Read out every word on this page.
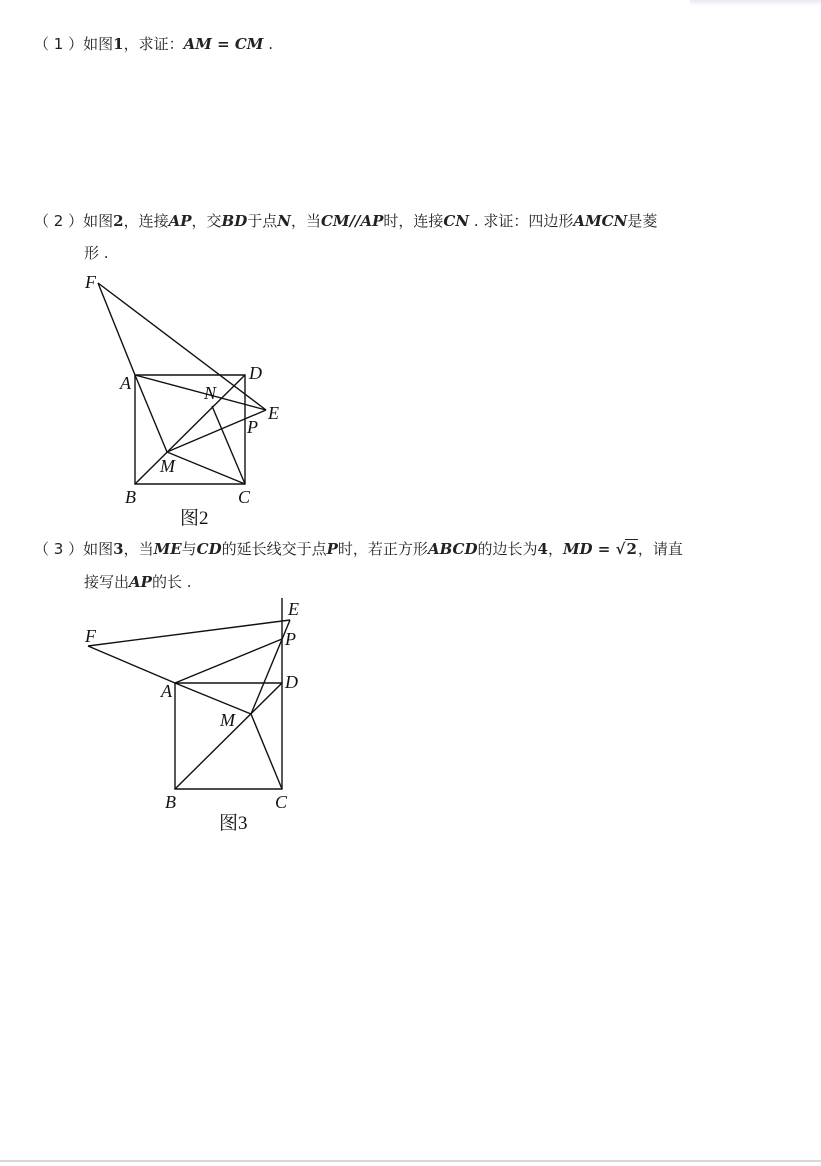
（ 1 ）如图1，求证：AM = CM .
（ 2 ）如图2，连接AP，交BD于点N，当CM//AP时，连接CN . 求证：四边形AMCN是菱
形 .
F
A	D
N
E
P
M
B	C
图2
（ 3 ）如图3，当ME与CD的延长线交于点P时，若正方形ABCD的边长为4，MD = √2，请直
接写出AP的长 .
E
F	P
A	D
M
B	C
图3
